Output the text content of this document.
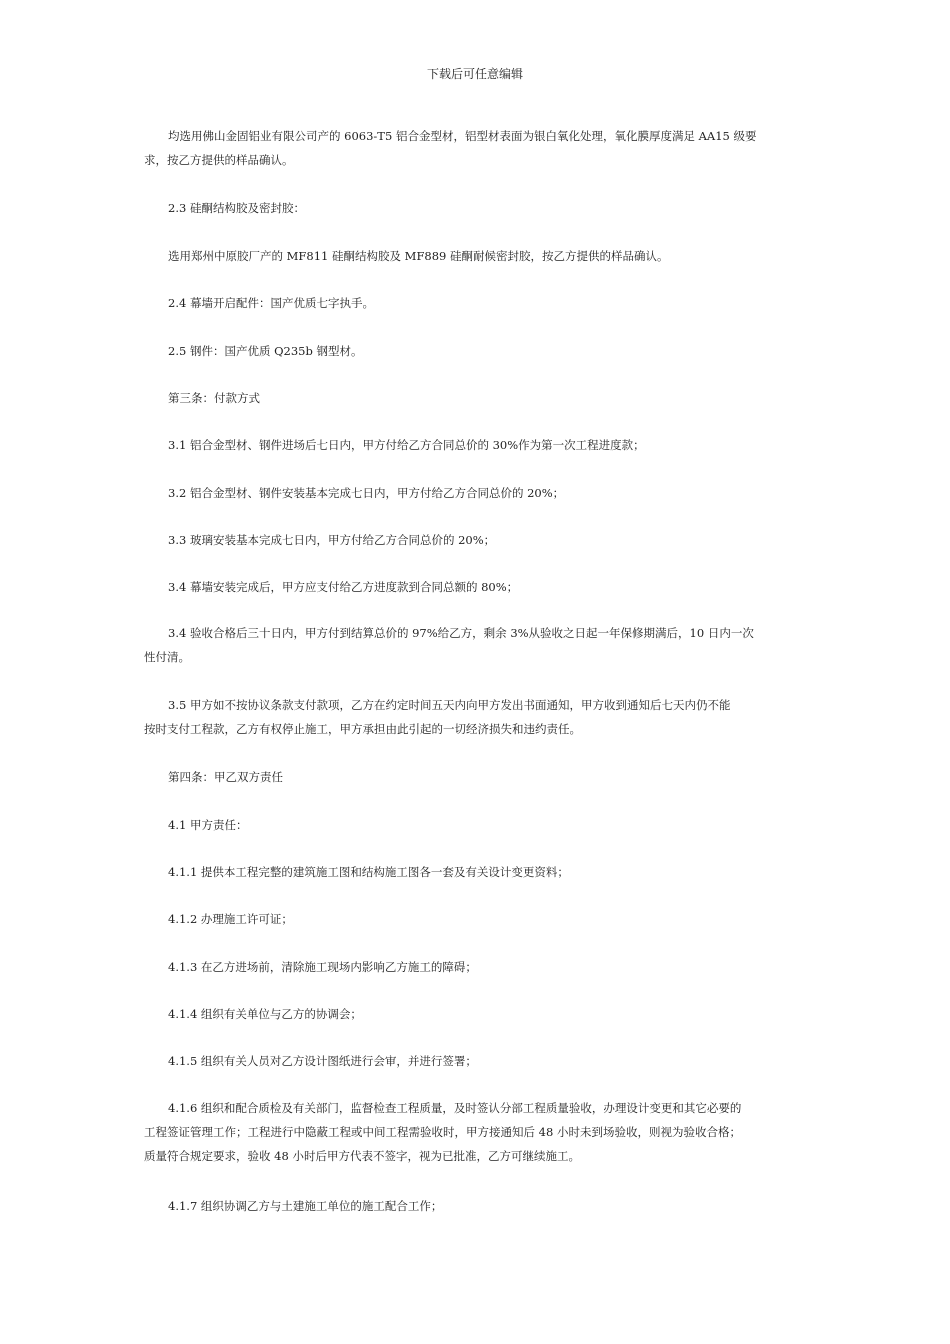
下载后可任意编辑
均选用佛山金固铝业有限公司产的 6063-T5 铝合金型材，铝型材表面为银白氧化处理，氧化膜厚度满足 AA15 级要
求，按乙方提供的样品确认。
2.3 硅酮结构胶及密封胶：
选用郑州中原胶厂产的 MF811 硅酮结构胶及 MF889 硅酮耐候密封胶，按乙方提供的样品确认。
2.4 幕墙开启配件：国产优质七字执手。
2.5 钢件：国产优质 Q235b 钢型材。
第三条：付款方式
3.1 铝合金型材、钢件进场后七日内，甲方付给乙方合同总价的 30%作为第一次工程进度款；
3.2 铝合金型材、钢件安装基本完成七日内，甲方付给乙方合同总价的 20%；
3.3 玻璃安装基本完成七日内，甲方付给乙方合同总价的 20%；
3.4 幕墙安装完成后，甲方应支付给乙方进度款到合同总额的 80%；
3.4 验收合格后三十日内，甲方付到结算总价的 97%给乙方，剩余 3%从验收之日起一年保修期满后，10 日内一次
性付清。
3.5 甲方如不按协议条款支付款项，乙方在约定时间五天内向甲方发出书面通知，甲方收到通知后七天内仍不能
按时支付工程款，乙方有权停止施工，甲方承担由此引起的一切经济损失和违约责任。
第四条：甲乙双方责任
4.1 甲方责任：
4.1.1 提供本工程完整的建筑施工图和结构施工图各一套及有关设计变更资料；
4.1.2 办理施工许可证；
4.1.3 在乙方进场前，清除施工现场内影响乙方施工的障碍；
4.1.4 组织有关单位与乙方的协调会；
4.1.5 组织有关人员对乙方设计图纸进行会审，并进行签署；
4.1.6 组织和配合质检及有关部门，监督检查工程质量，及时签认分部工程质量验收，办理设计变更和其它必要的
工程签证管理工作；工程进行中隐蔽工程或中间工程需验收时，甲方接通知后 48 小时未到场验收，则视为验收合格；
质量符合规定要求，验收 48 小时后甲方代表不签字，视为已批准，乙方可继续施工。
4.1.7 组织协调乙方与土建施工单位的施工配合工作；
